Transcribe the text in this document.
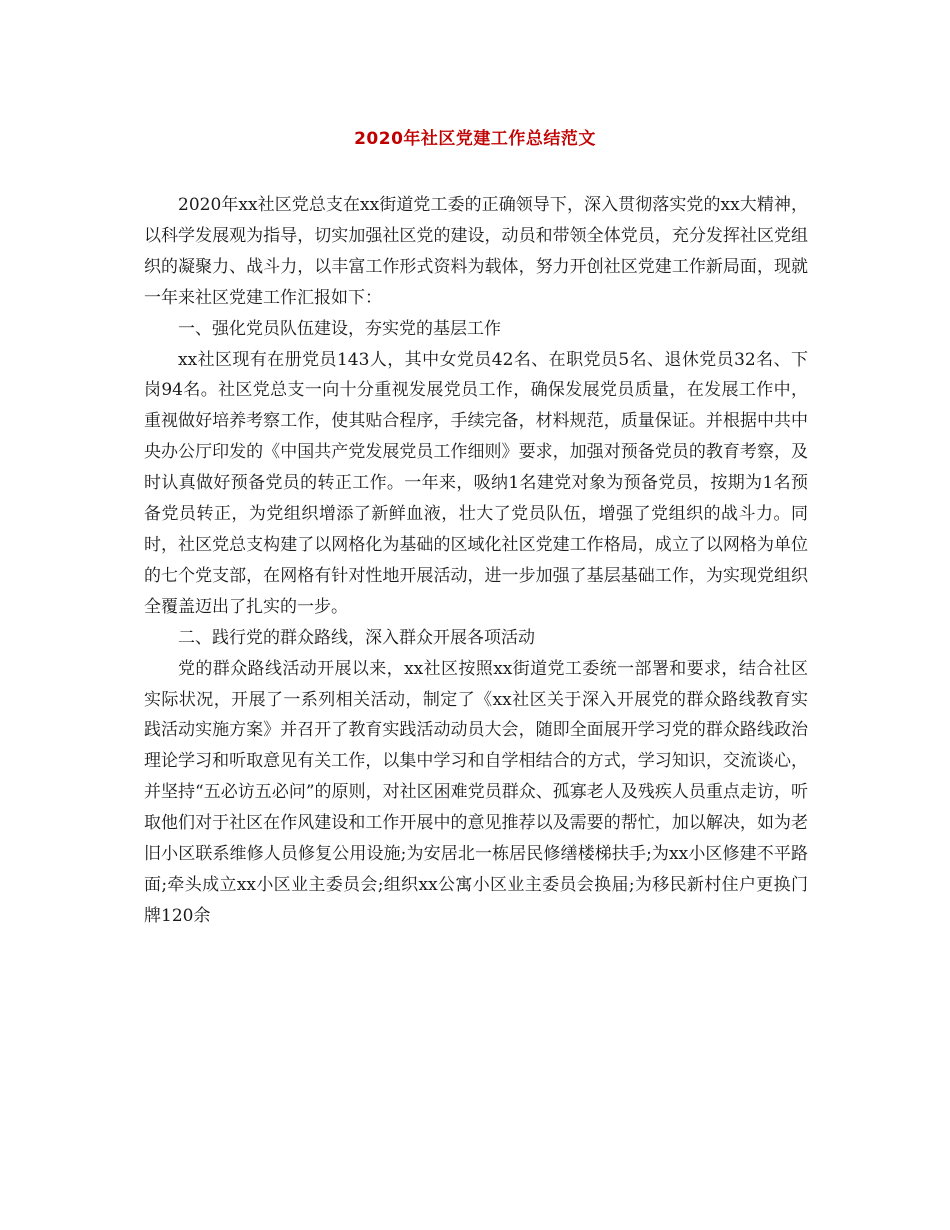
2020年社区党建工作总结范文

2020年xx社区党总支在xx街道党工委的正确领导下，深入贯彻落实党的xx大精神，以科学发展观为指导，切实加强社区党的建设，动员和带领全体党员，充分发挥社区党组织的凝聚力、战斗力，以丰富工作形式资料为载体，努力开创社区党建工作新局面，现就一年来社区党建工作汇报如下：

一、强化党员队伍建设，夯实党的基层工作

xx社区现有在册党员143人，其中女党员42名、在职党员5名、退休党员32名、下岗94名。社区党总支一向十分重视发展党员工作，确保发展党员质量，在发展工作中，重视做好培养考察工作，使其贴合程序，手续完备，材料规范，质量保证。并根据中共中央办公厅印发的《中国共产党发展党员工作细则》要求，加强对预备党员的教育考察，及时认真做好预备党员的转正工作。一年来，吸纳1名建党对象为预备党员，按期为1名预备党员转正，为党组织增添了新鲜血液，壮大了党员队伍，增强了党组织的战斗力。同时，社区党总支构建了以网格化为基础的区域化社区党建工作格局，成立了以网格为单位的七个党支部，在网格有针对性地开展活动，进一步加强了基层基础工作，为实现党组织全覆盖迈出了扎实的一步。

二、践行党的群众路线，深入群众开展各项活动

党的群众路线活动开展以来，xx社区按照xx街道党工委统一部署和要求，结合社区实际状况，开展了一系列相关活动，制定了《xx社区关于深入开展党的群众路线教育实践活动实施方案》并召开了教育实践活动动员大会，随即全面展开学习党的群众路线政治理论学习和听取意见有关工作，以集中学习和自学相结合的方式，学习知识，交流谈心，并坚持“五必访五必问”的原则，对社区困难党员群众、孤寡老人及残疾人员重点走访，听取他们对于社区在作风建设和工作开展中的意见推荐以及需要的帮忙，加以解决，如为老旧小区联系维修人员修复公用设施;为安居北一栋居民修缮楼梯扶手;为xx小区修建不平路面;牵头成立xx小区业主委员会;组织xx公寓小区业主委员会换届;为移民新村住户更换门牌120余
